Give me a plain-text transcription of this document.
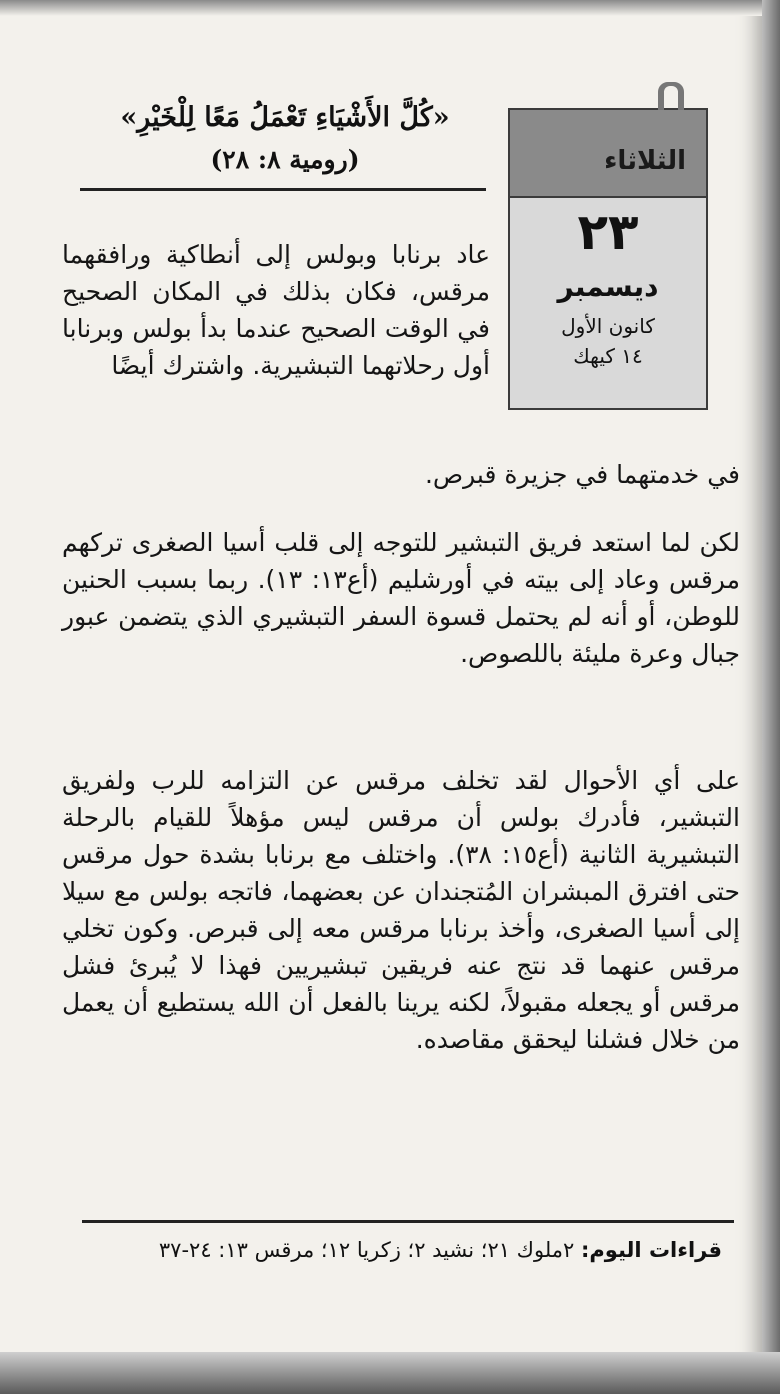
الثلاثاء
٢٣
ديسمبر
كانون الأول
١٤ كيهك
«كُلَّ الأَشْيَاءِ تَعْمَلُ مَعًا لِلْخَيْرِ»
(رومية ٨: ٢٨)

عاد برنابا وبولس إلى أنطاكية ورافقهما مرقس، فكان بذلك في المكان الصحيح في الوقت الصحيح عندما بدأ بولس وبرنابا أول رحلاتهما التبشيرية. واشترك أيضًا

في خدمتهما في جزيرة قبرص.

لكن لما استعد فريق التبشير للتوجه إلى قلب أسيا الصغرى تركهم مرقس وعاد إلى بيته في أورشليم (أع١٣: ١٣). ربما بسبب الحنين للوطن، أو أنه لم يحتمل قسوة السفر التبشيري الذي يتضمن عبور جبال وعرة مليئة باللصوص.

على أي الأحوال لقد تخلف مرقس عن التزامه للرب ولفريق التبشير، فأدرك بولس أن مرقس ليس مؤهلاً للقيام بالرحلة التبشيرية الثانية (أع١٥: ٣٨). واختلف مع برنابا بشدة حول مرقس حتى افترق المبشران المُتجندان عن بعضهما، فاتجه بولس مع سيلا إلى أسيا الصغرى، وأخذ برنابا مرقس معه إلى قبرص. وكون تخلي مرقس عنهما قد نتج عنه فريقين تبشيريين فهذا لا يُبرئ فشل مرقس أو يجعله مقبولاً، لكنه يرينا بالفعل أن الله يستطيع أن يعمل من خلال فشلنا ليحقق مقاصده.

قراءات اليوم: ٢ملوك ٢١؛ نشيد ٢؛ زكريا ١٢؛ مرقس ١٣: ٢٤-٣٧
